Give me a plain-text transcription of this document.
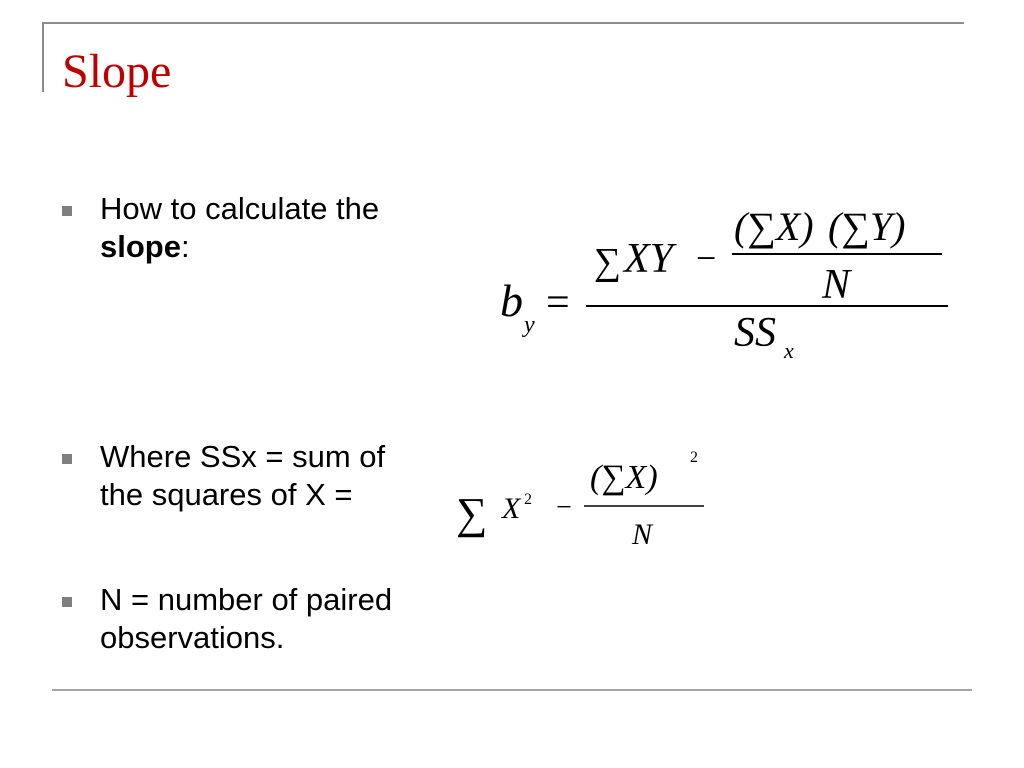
Slope
How to calculate the
slope:
b y =
∑ XY −
(∑X) (∑Y)
N
SS x
Where SSx = sum of
the squares of X =	∑ X 2 −
(∑X)
2
N
N = number of paired
observations.
